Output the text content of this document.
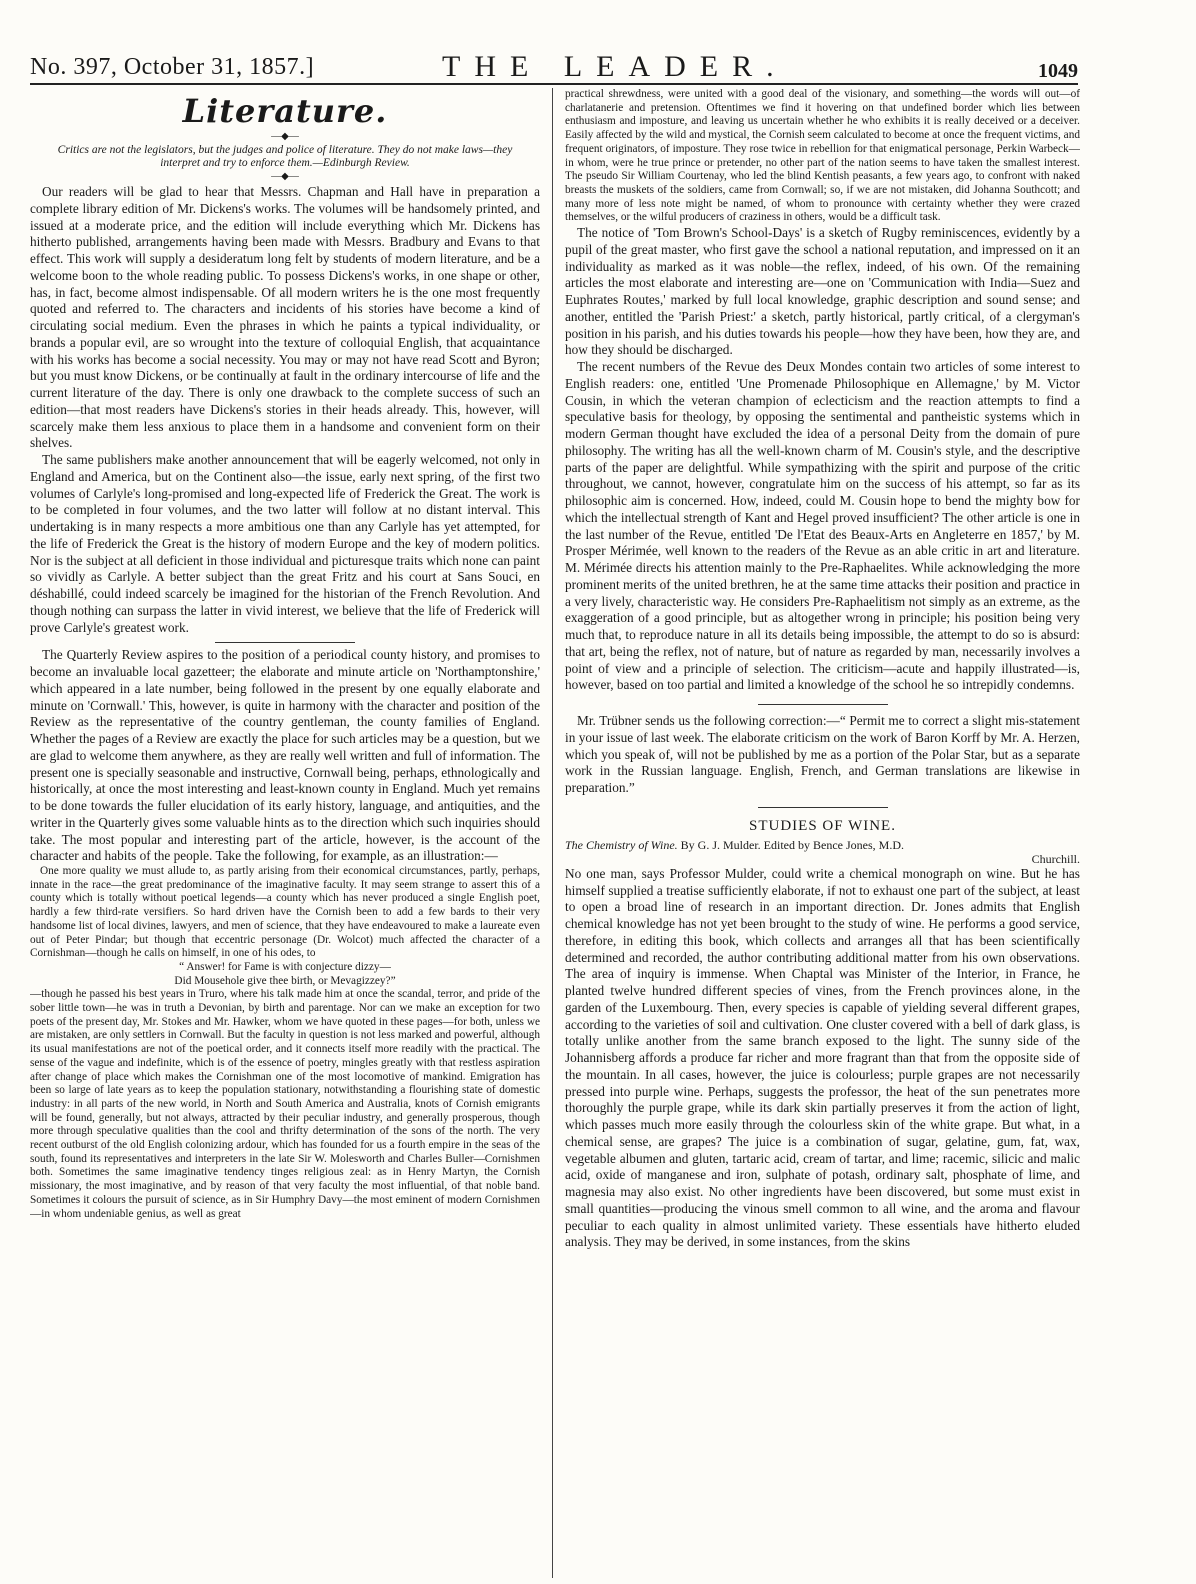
No. 397, October 31, 1857.]	THE LEADER.	1049
Literature.
—◆—
Critics are not the legislators, but the judges and police of literature. They do not make laws—they interpret and try to enforce them.—Edinburgh Review.
—◆—

Our readers will be glad to hear that Messrs. Chapman and Hall have in preparation a complete library edition of Mr. Dickens's works. The volumes will be handsomely printed, and issued at a moderate price, and the edition will include everything which Mr. Dickens has hitherto published, arrangements having been made with Messrs. Bradbury and Evans to that effect. This work will supply a desideratum long felt by students of modern literature, and be a welcome boon to the whole reading public. To possess Dickens's works, in one shape or other, has, in fact, become almost indispensable. Of all modern writers he is the one most frequently quoted and referred to. The characters and incidents of his stories have become a kind of circulating social medium. Even the phrases in which he paints a typical individuality, or brands a popular evil, are so wrought into the texture of colloquial English, that acquaintance with his works has become a social necessity. You may or may not have read Scott and Byron; but you must know Dickens, or be continually at fault in the ordinary intercourse of life and the current literature of the day. There is only one drawback to the complete success of such an edition—that most readers have Dickens's stories in their heads already. This, however, will scarcely make them less anxious to place them in a handsome and convenient form on their shelves.

The same publishers make another announcement that will be eagerly welcomed, not only in England and America, but on the Continent also—the issue, early next spring, of the first two volumes of Carlyle's long-promised and long-expected life of Frederick the Great. The work is to be completed in four volumes, and the two latter will follow at no distant interval. This undertaking is in many respects a more ambitious one than any Carlyle has yet attempted, for the life of Frederick the Great is the history of modern Europe and the key of modern politics. Nor is the subject at all deficient in those individual and picturesque traits which none can paint so vividly as Carlyle. A better subject than the great Fritz and his court at Sans Souci, en déshabillé, could indeed scarcely be imagined for the historian of the French Revolution. And though nothing can surpass the latter in vivid interest, we believe that the life of Frederick will prove Carlyle's greatest work.

The Quarterly Review aspires to the position of a periodical county history, and promises to become an invaluable local gazetteer; the elaborate and minute article on 'Northamptonshire,' which appeared in a late number, being followed in the present by one equally elaborate and minute on 'Cornwall.' This, however, is quite in harmony with the character and position of the Review as the representative of the country gentleman, the county families of England. Whether the pages of a Review are exactly the place for such articles may be a question, but we are glad to welcome them anywhere, as they are really well written and full of information. The present one is specially seasonable and instructive, Cornwall being, perhaps, ethnologically and historically, at once the most interesting and least-known county in England. Much yet remains to be done towards the fuller elucidation of its early history, language, and antiquities, and the writer in the Quarterly gives some valuable hints as to the direction which such inquiries should take. The most popular and interesting part of the article, however, is the account of the character and habits of the people. Take the following, for example, as an illustration:—

One more quality we must allude to, as partly arising from their economical circumstances, partly, perhaps, innate in the race—the great predominance of the imaginative faculty. It may seem strange to assert this of a county which is totally without poetical legends—a county which has never produced a single English poet, hardly a few third-rate versifiers. So hard driven have the Cornish been to add a few bards to their very handsome list of local divines, lawyers, and men of science, that they have endeavoured to make a laureate even out of Peter Pindar; but though that eccentric personage (Dr. Wolcot) much affected the character of a Cornishman—though he calls on himself, in one of his odes, to

“ Answer! for Fame is with conjecture dizzy—
Did Mousehole give thee birth, or Mevagizzey?”

—though he passed his best years in Truro, where his talk made him at once the scandal, terror, and pride of the sober little town—he was in truth a Devonian, by birth and parentage. Nor can we make an exception for two poets of the present day, Mr. Stokes and Mr. Hawker, whom we have quoted in these pages—for both, unless we are mistaken, are only settlers in Cornwall. But the faculty in question is not less marked and powerful, although its usual manifestations are not of the poetical order, and it connects itself more readily with the practical. The sense of the vague and indefinite, which is of the essence of poetry, mingles greatly with that restless aspiration after change of place which makes the Cornishman one of the most locomotive of mankind. Emigration has been so large of late years as to keep the population stationary, notwithstanding a flourishing state of domestic industry: in all parts of the new world, in North and South America and Australia, knots of Cornish emigrants will be found, generally, but not always, attracted by their peculiar industry, and generally prosperous, though more through speculative qualities than the cool and thrifty determination of the sons of the north. The very recent outburst of the old English colonizing ardour, which has founded for us a fourth empire in the seas of the south, found its representatives and interpreters in the late Sir W. Molesworth and Charles Buller—Cornishmen both. Sometimes the same imaginative tendency tinges religious zeal: as in Henry Martyn, the Cornish missionary, the most imaginative, and by reason of that very faculty the most influential, of that noble band. Sometimes it colours the pursuit of science, as in Sir Humphry Davy—the most eminent of modern Cornishmen—in whom undeniable genius, as well as great

practical shrewdness, were united with a good deal of the visionary, and something—the words will out—of charlatanerie and pretension. Oftentimes we find it hovering on that undefined border which lies between enthusiasm and imposture, and leaving us uncertain whether he who exhibits it is really deceived or a deceiver. Easily affected by the wild and mystical, the Cornish seem calculated to become at once the frequent victims, and frequent originators, of imposture. They rose twice in rebellion for that enigmatical personage, Perkin Warbeck—in whom, were he true prince or pretender, no other part of the nation seems to have taken the smallest interest. The pseudo Sir William Courtenay, who led the blind Kentish peasants, a few years ago, to confront with naked breasts the muskets of the soldiers, came from Cornwall; so, if we are not mistaken, did Johanna Southcott; and many more of less note might be named, of whom to pronounce with certainty whether they were crazed themselves, or the wilful producers of craziness in others, would be a difficult task.

The notice of 'Tom Brown's School-Days' is a sketch of Rugby reminiscences, evidently by a pupil of the great master, who first gave the school a national reputation, and impressed on it an individuality as marked as it was noble—the reflex, indeed, of his own. Of the remaining articles the most elaborate and interesting are—one on 'Communication with India—Suez and Euphrates Routes,' marked by full local knowledge, graphic description and sound sense; and another, entitled the 'Parish Priest:' a sketch, partly historical, partly critical, of a clergyman's position in his parish, and his duties towards his people—how they have been, how they are, and how they should be discharged.

The recent numbers of the Revue des Deux Mondes contain two articles of some interest to English readers: one, entitled 'Une Promenade Philosophique en Allemagne,' by M. Victor Cousin, in which the veteran champion of eclecticism and the reaction attempts to find a speculative basis for theology, by opposing the sentimental and pantheistic systems which in modern German thought have excluded the idea of a personal Deity from the domain of pure philosophy. The writing has all the well-known charm of M. Cousin's style, and the descriptive parts of the paper are delightful. While sympathizing with the spirit and purpose of the critic throughout, we cannot, however, congratulate him on the success of his attempt, so far as its philosophic aim is concerned. How, indeed, could M. Cousin hope to bend the mighty bow for which the intellectual strength of Kant and Hegel proved insufficient? The other article is one in the last number of the Revue, entitled 'De l'Etat des Beaux-Arts en Angleterre en 1857,' by M. Prosper Mérimée, well known to the readers of the Revue as an able critic in art and literature. M. Mérimée directs his attention mainly to the Pre-Raphaelites. While acknowledging the more prominent merits of the united brethren, he at the same time attacks their position and practice in a very lively, characteristic way. He considers Pre-Raphaelitism not simply as an extreme, as the exaggeration of a good principle, but as altogether wrong in principle; his position being very much that, to reproduce nature in all its details being impossible, the attempt to do so is absurd: that art, being the reflex, not of nature, but of nature as regarded by man, necessarily involves a point of view and a principle of selection. The criticism—acute and happily illustrated—is, however, based on too partial and limited a knowledge of the school he so intrepidly condemns.

Mr. Trübner sends us the following correction:—“ Permit me to correct a slight mis-statement in your issue of last week. The elaborate criticism on the work of Baron Korff by Mr. A. Herzen, which you speak of, will not be published by me as a portion of the Polar Star, but as a separate work in the Russian language. English, French, and German translations are likewise in preparation.”

STUDIES OF WINE.
The Chemistry of Wine. By G. J. Mulder. Edited by Bence Jones, M.D.
Churchill.

No one man, says Professor Mulder, could write a chemical monograph on wine. But he has himself supplied a treatise sufficiently elaborate, if not to exhaust one part of the subject, at least to open a broad line of research in an important direction. Dr. Jones admits that English chemical knowledge has not yet been brought to the study of wine. He performs a good service, therefore, in editing this book, which collects and arranges all that has been scientifically determined and recorded, the author contributing additional matter from his own observations. The area of inquiry is immense. When Chaptal was Minister of the Interior, in France, he planted twelve hundred different species of vines, from the French provinces alone, in the garden of the Luxembourg. Then, every species is capable of yielding several different grapes, according to the varieties of soil and cultivation. One cluster covered with a bell of dark glass, is totally unlike another from the same branch exposed to the light. The sunny side of the Johannisberg affords a produce far richer and more fragrant than that from the opposite side of the mountain. In all cases, however, the juice is colourless; purple grapes are not necessarily pressed into purple wine. Perhaps, suggests the professor, the heat of the sun penetrates more thoroughly the purple grape, while its dark skin partially preserves it from the action of light, which passes much more easily through the colourless skin of the white grape. But what, in a chemical sense, are grapes? The juice is a combination of sugar, gelatine, gum, fat, wax, vegetable albumen and gluten, tartaric acid, cream of tartar, and lime; racemic, silicic and malic acid, oxide of manganese and iron, sulphate of potash, ordinary salt, phosphate of lime, and magnesia may also exist. No other ingredients have been discovered, but some must exist in small quantities—producing the vinous smell common to all wine, and the aroma and flavour peculiar to each quality in almost unlimited variety. These essentials have hitherto eluded analysis. They may be derived, in some instances, from the skins
